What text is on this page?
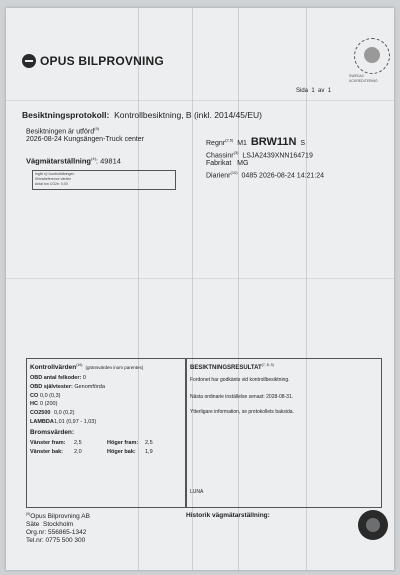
OPUS BILPROVNING
SWEDAC ACKREDITERING
Sida 1 av 1
Besiktningsprotokoll: Kontrollbesiktning, B (inkl. 2014/45/EU)
Besiktningen är utförd$^{(9)}$
2026-08-24 Kungsängen-Truck center
Vägmätarställning$^{(4)}$: 49814
Ingår ej i kontrolldäringen
Klimatreference värden
Antal ton CO2e: 0,00
Regnr$^{(2,5)}$ M1 BRW11N S
Chassinr$^{(3)}$ LSJA2439XNN164719
Fabrikat MG
Diarienr$^{(10)}$ 0485 2026-08-24 14:21:24
Kontrollvärden$^{(16)}$ (gränsvärden inom parentes)
OBD antal felkoder: 0
OBD självtester: Genomförda
CO 0,0 (0,3)
HC 0 (200)
CO2500 0,0 (0,2)
LAMBDA1,01 (0,97 - 1,03)
Bromsvärden:
Vänster fram: 2,5	Höger fram: 2,5
Vänster bak: 2,0	Höger bak: 1,9
BESIKTNINGSRESULTAT$^{(7, 8, 9)}$
Fordonet har godkänts vid kontrollbesiktning.
Nästa ordinarie inställelse senast: 2028-08-31.
Ytterligare information, se protokollets baksida.
LUNA
$^{(9)}$Opus Bilprovning AB
Säte Stockholm
Org.nr: 556865-1342
Tel.nr: 0775 500 300
Historik vägmätarställning:
